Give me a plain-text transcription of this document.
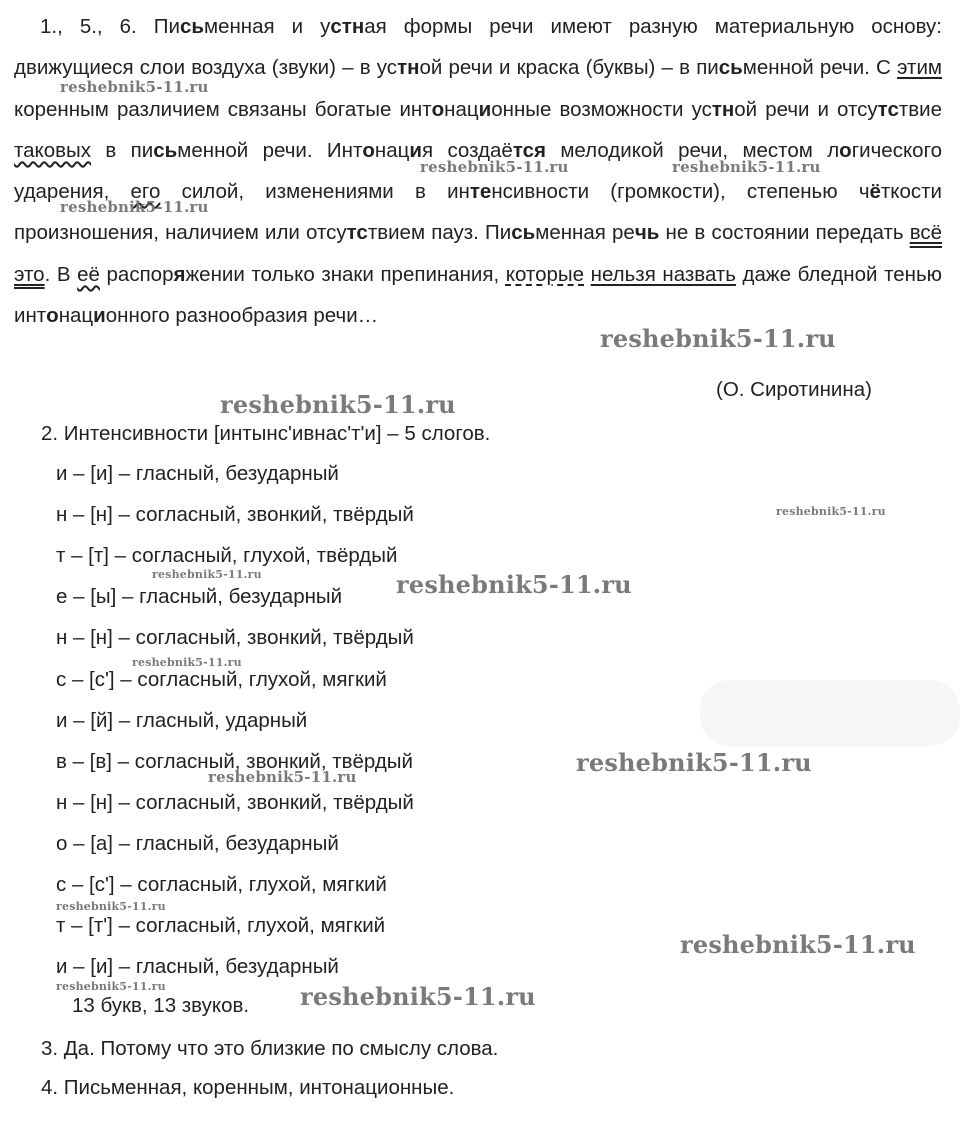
1., 5., 6. Письменная и устная формы речи имеют разную материальную основу: движущиеся слои воздуха (звуки) – в устной речи и краска (буквы) – в письменной речи. С этим коренным различием связаны богатые интонационные возможности устной речи и отсутствие таковых в письменной речи. Интонация создаётся мелодикой речи, местом логического ударения, его силой, изменениями в интенсивности (громкости), степенью чёткости произношения, наличием или отсутствием пауз. Письменная речь не в состоянии передать всё это. В её распоряжении только знаки препинания, которые нельзя назвать даже бледной тенью интонационного разнообразия речи…

(О. Сиротинина)
2. Интенсивности [интынс'ивнас'т'и] – 5 слогов.
и – [и] – гласный, безударный
н – [н] – согласный, звонкий, твёрдый
т – [т] – согласный, глухой, твёрдый
е – [ы] – гласный, безударный
н – [н] – согласный, звонкий, твёрдый
с – [с'] – согласный, глухой, мягкий
и – [й] – гласный, ударный
в – [в] – согласный, звонкий, твёрдый
н – [н] – согласный, звонкий, твёрдый
о – [а] – гласный, безударный
с – [с'] – согласный, глухой, мягкий
т – [т'] – согласный, глухой, мягкий
и – [и] – гласный, безударный
13 букв, 13 звуков.
3. Да. Потому что это близкие по смыслу слова.
4. Письменная, коренным, интонационные.
reshebnik5-11.ru
reshebnik5-11.ru	reshebnik5-11.ru
reshebnik5-11.ru
reshebnik5-11.ru
reshebnik5-11.ru
reshebnik5-11.ru
reshebnik5-11.ru	reshebnik5-11.ru
reshebnik5-11.ru
reshebnik5-11.ru
reshebnik5-11.ru
reshebnik5-11.ru
reshebnik5-11.ru
reshebnik5-11.ru	reshebnik5-11.ru
